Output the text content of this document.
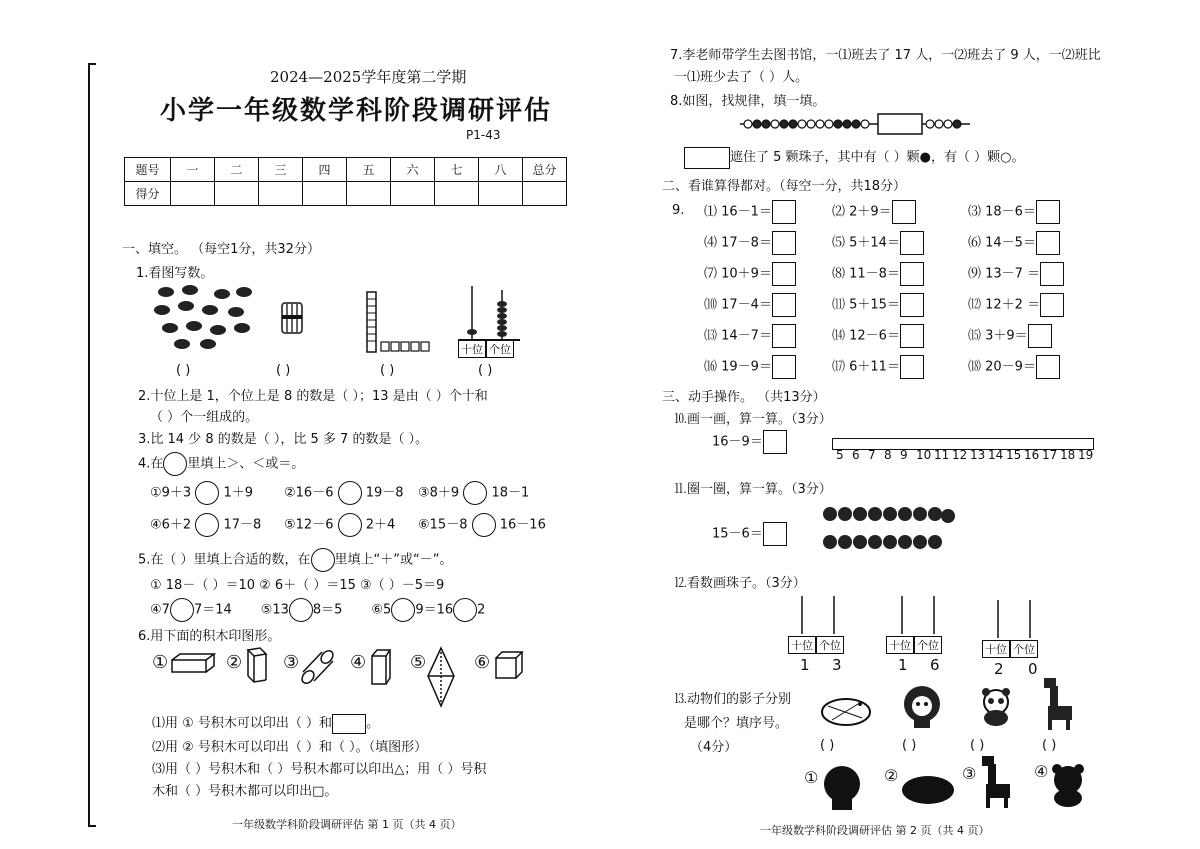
2024—2025学年度第二学期
小学一年级数学科阶段调研评估
P1-43
题号	一	二	三	四	五	六	七	八	总分
得分									
一、填空。 （每空1分，共32分）
1.看图写数。
十位 个位
( )	( )	( )	( )
2.十位上是 1，个位上是 8 的数是（ ）；13 是由（ ）个十和
（ ）个一组成的。
3.比 14 少 8 的数是（ ），比 5 多 7 的数是（ ）。
4.在 里填上＞、＜或＝。
①9＋3 1＋9 ②16－6 19－8 ③8＋9 18－1
④6＋2 17－8 ⑤12－6 2＋4 ⑥15－8 16－16
5.在（ ）里填上合适的数，在 里填上“＋”或“－”。
① 18－（ ）＝10 ② 6＋（ ）＝15 ③（ ）－5＝9
④7 7＝14 ⑤13 8＝5 ⑥5 9＝16 2
6.用下面的积木印图形。
①	② ③	④ ⑤	⑥
⑴用 ① 号积木可以印出（ ）和	。
⑵用 ② 号积木可以印出（ ）和（ ）。（填图形）
⑶用（ ）号积木和（ ）号积木都可以印出△；用（ ）号积
木和（ ）号积木都可以印出□。
一年级数学科阶段调研评估 第 1 页（共 4 页）
7.李老师带学生去图书馆，一⑴班去了 17 人，一⑵班去了 9 人，一⑵班比
一⑴班少去了（ ）人。
8.如图，找规律，填一填。
遮住了 5 颗珠子，其中有（ ）颗●，有（ ）颗○。
二、看谁算得都对。（每空一分，共18分）
9. ⑴ 16－1＝	⑵ 2＋9＝	⑶ 18－6＝
⑷ 17－8＝	⑸ 5＋14＝	⑹ 14－5＝
⑺ 10＋9＝	⑻ 11－8＝	⑼ 13－7 ＝
⑽ 17－4＝	⑾ 5＋15＝	⑿ 12＋2 ＝
⒀ 14－7＝	⒁ 12－6＝	⒂ 3＋9＝
⒃ 19－9＝	⒄ 6＋11＝	⒅ 20－9＝
三、动手操作。 （共13分）
⒑画一画，算一算。（3分）
16－9＝
5 6 7 8 9 10 11 12 13 14 15 16 17 18 19
⒒圈一圈，算一算。（3分）
15－6＝
⒓看数画珠子。（3分）
十位 个位
1 3
十位 个位
1 6
十位 个位
2 0
⒔动物们的影子分别
是哪个？填序号。
（4分）	( )	( )	( )	( )
①	②	③	④
一年级数学科阶段调研评估 第 2 页（共 4 页）
